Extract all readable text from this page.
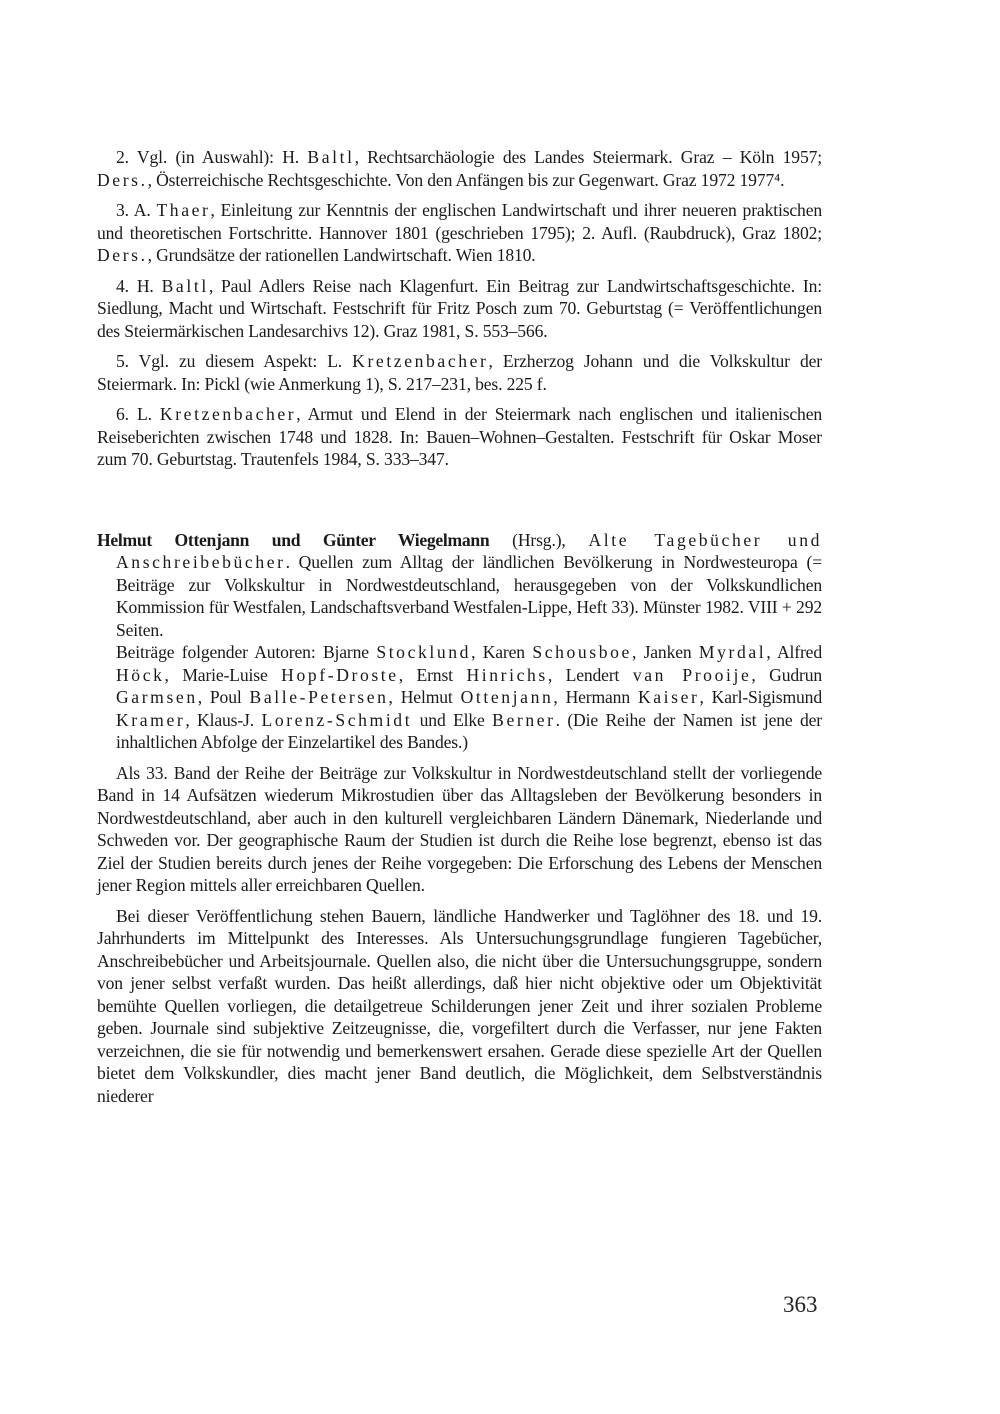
2. Vgl. (in Auswahl): H. Baltl, Rechtsarchäologie des Landes Steiermark. Graz – Köln 1957; Ders., Österreichische Rechtsgeschichte. Von den Anfängen bis zur Gegenwart. Graz 1972 1977⁴.

3. A. Thaer, Einleitung zur Kenntnis der englischen Landwirtschaft und ihrer neueren praktischen und theoretischen Fortschritte. Hannover 1801 (geschrieben 1795); 2. Aufl. (Raubdruck), Graz 1802; Ders., Grundsätze der rationellen Landwirtschaft. Wien 1810.

4. H. Baltl, Paul Adlers Reise nach Klagenfurt. Ein Beitrag zur Landwirtschaftsgeschichte. In: Siedlung, Macht und Wirtschaft. Festschrift für Fritz Posch zum 70. Geburtstag (= Veröffentlichungen des Steiermärkischen Landesarchivs 12). Graz 1981, S. 553–566.

5. Vgl. zu diesem Aspekt: L. Kretzenbacher, Erzherzog Johann und die Volkskultur der Steiermark. In: Pickl (wie Anmerkung 1), S. 217–231, bes. 225 f.

6. L. Kretzenbacher, Armut und Elend in der Steiermark nach englischen und italienischen Reiseberichten zwischen 1748 und 1828. In: Bauen–Wohnen–Gestalten. Festschrift für Oskar Moser zum 70. Geburtstag. Trautenfels 1984, S. 333–347.

Helmut Ottenjann und Günter Wiegelmann (Hrsg.), Alte Tagebücher und Anschreibebücher. Quellen zum Alltag der ländlichen Bevölkerung in Nordwesteuropa (= Beiträge zur Volkskultur in Nordwestdeutschland, herausgegeben von der Volkskundlichen Kommission für Westfalen, Landschaftsverband Westfalen-Lippe, Heft 33). Münster 1982. VIII + 292 Seiten.
Beiträge folgender Autoren: Bjarne Stocklund, Karen Schousboe, Janken Myrdal, Alfred Höck, Marie-Luise Hopf-Droste, Ernst Hinrichs, Lendert van Prooije, Gudrun Garmsen, Poul Balle-Petersen, Helmut Ottenjann, Hermann Kaiser, Karl-Sigismund Kramer, Klaus-J. Lorenz-Schmidt und Elke Berner. (Die Reihe der Namen ist jene der inhaltlichen Abfolge der Einzelartikel des Bandes.)

Als 33. Band der Reihe der Beiträge zur Volkskultur in Nordwestdeutschland stellt der vorliegende Band in 14 Aufsätzen wiederum Mikrostudien über das Alltagsleben der Bevölkerung besonders in Nordwestdeutschland, aber auch in den kulturell vergleichbaren Ländern Dänemark, Niederlande und Schweden vor. Der geographische Raum der Studien ist durch die Reihe lose begrenzt, ebenso ist das Ziel der Studien bereits durch jenes der Reihe vorgegeben: Die Erforschung des Lebens der Menschen jener Region mittels aller erreichbaren Quellen.

Bei dieser Veröffentlichung stehen Bauern, ländliche Handwerker und Taglöhner des 18. und 19. Jahrhunderts im Mittelpunkt des Interesses. Als Untersuchungsgrundlage fungieren Tagebücher, Anschreibebücher und Arbeitsjournale. Quellen also, die nicht über die Untersuchungsgruppe, sondern von jener selbst verfaßt wurden. Das heißt allerdings, daß hier nicht objektive oder um Objektivität bemühte Quellen vorliegen, die detailgetreue Schilderungen jener Zeit und ihrer sozialen Probleme geben. Journale sind subjektive Zeitzeugnisse, die, vorgefiltert durch die Verfasser, nur jene Fakten verzeichnen, die sie für notwendig und bemerkenswert ersahen. Gerade diese spezielle Art der Quellen bietet dem Volkskundler, dies macht jener Band deutlich, die Möglichkeit, dem Selbstverständnis niederer

363
